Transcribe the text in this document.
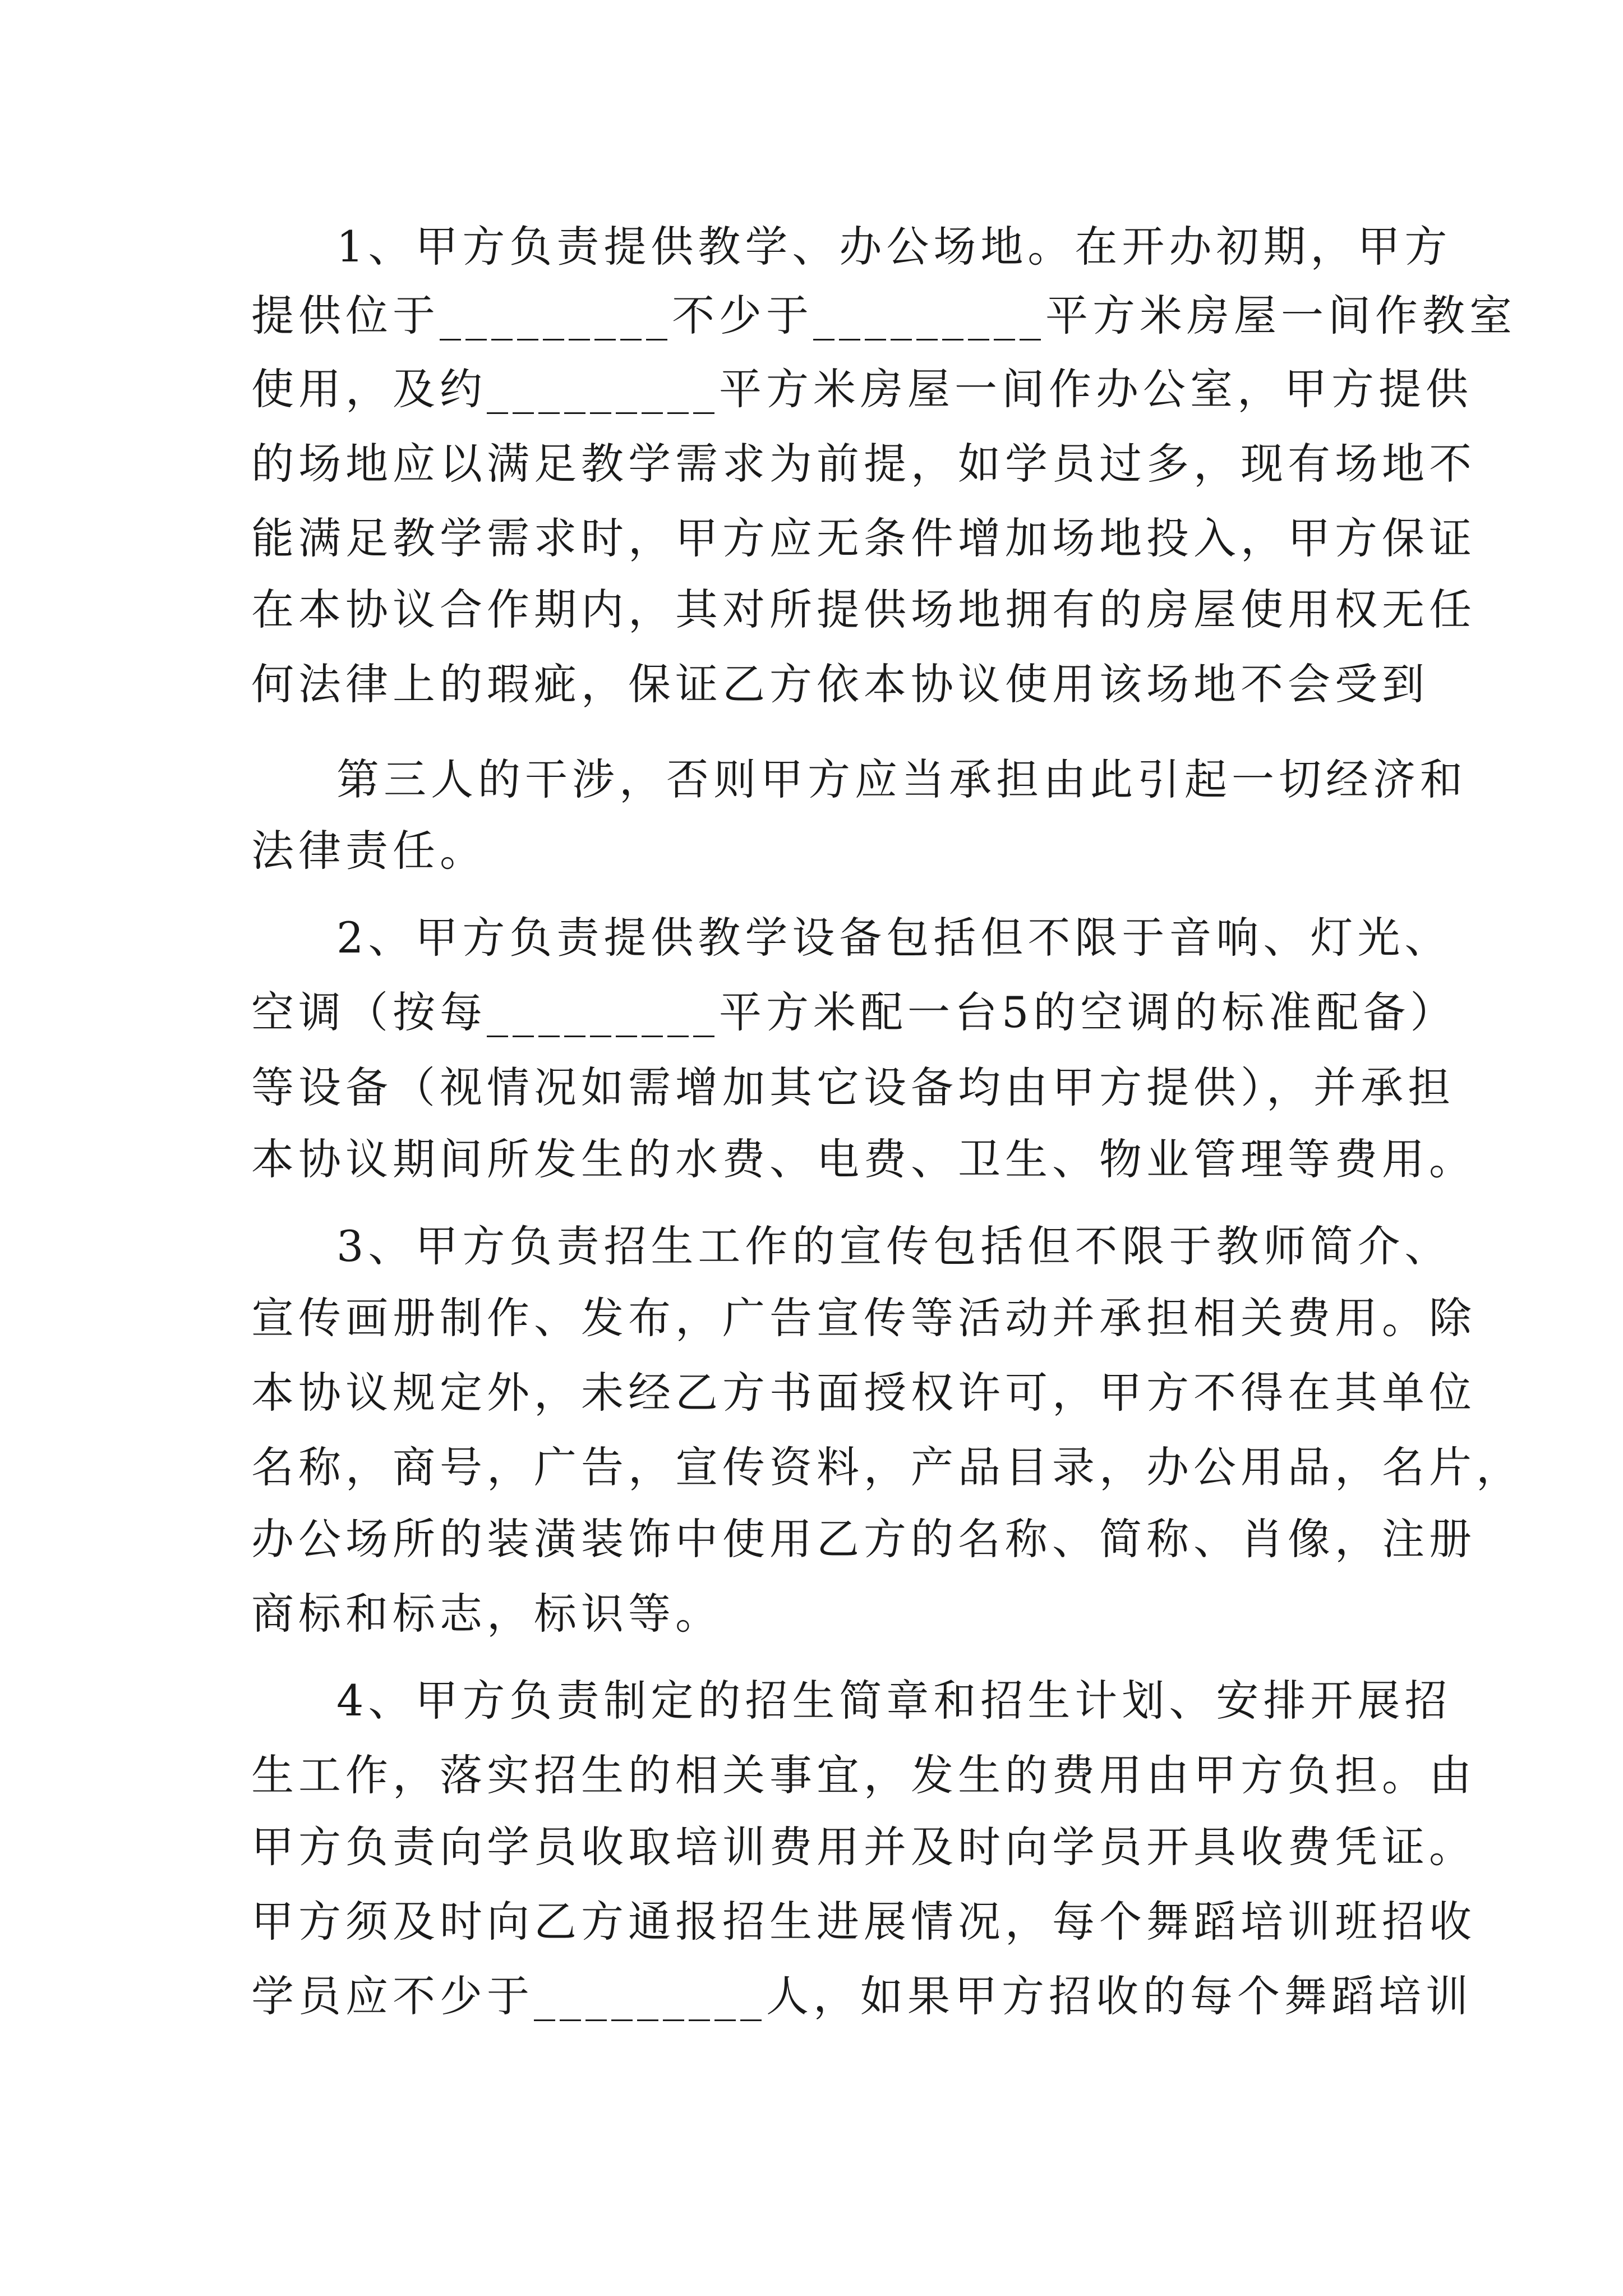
1、甲方负责提供教学、办公场地。在开办初期，甲方
提供位于_________不少于_________平方米房屋一间作教室
使用，及约_________平方米房屋一间作办公室，甲方提供
的场地应以满足教学需求为前提，如学员过多，现有场地不
能满足教学需求时，甲方应无条件增加场地投入，甲方保证
在本协议合作期内，其对所提供场地拥有的房屋使用权无任
何法律上的瑕疵，保证乙方依本协议使用该场地不会受到
第三人的干涉，否则甲方应当承担由此引起一切经济和
法律责任。
2、甲方负责提供教学设备包括但不限于音响、灯光、
空调（按每_________平方米配一台5的空调的标准配备）
等设备（视情况如需增加其它设备均由甲方提供），并承担
本协议期间所发生的水费、电费、卫生、物业管理等费用。
3、甲方负责招生工作的宣传包括但不限于教师简介、
宣传画册制作、发布，广告宣传等活动并承担相关费用。除
本协议规定外，未经乙方书面授权许可，甲方不得在其单位
名称，商号，广告，宣传资料，产品目录，办公用品，名片，
办公场所的装潢装饰中使用乙方的名称、简称、肖像，注册
商标和标志，标识等。
4、甲方负责制定的招生简章和招生计划、安排开展招
生工作，落实招生的相关事宜，发生的费用由甲方负担。由
甲方负责向学员收取培训费用并及时向学员开具收费凭证。
甲方须及时向乙方通报招生进展情况，每个舞蹈培训班招收
学员应不少于_________人，如果甲方招收的每个舞蹈培训
